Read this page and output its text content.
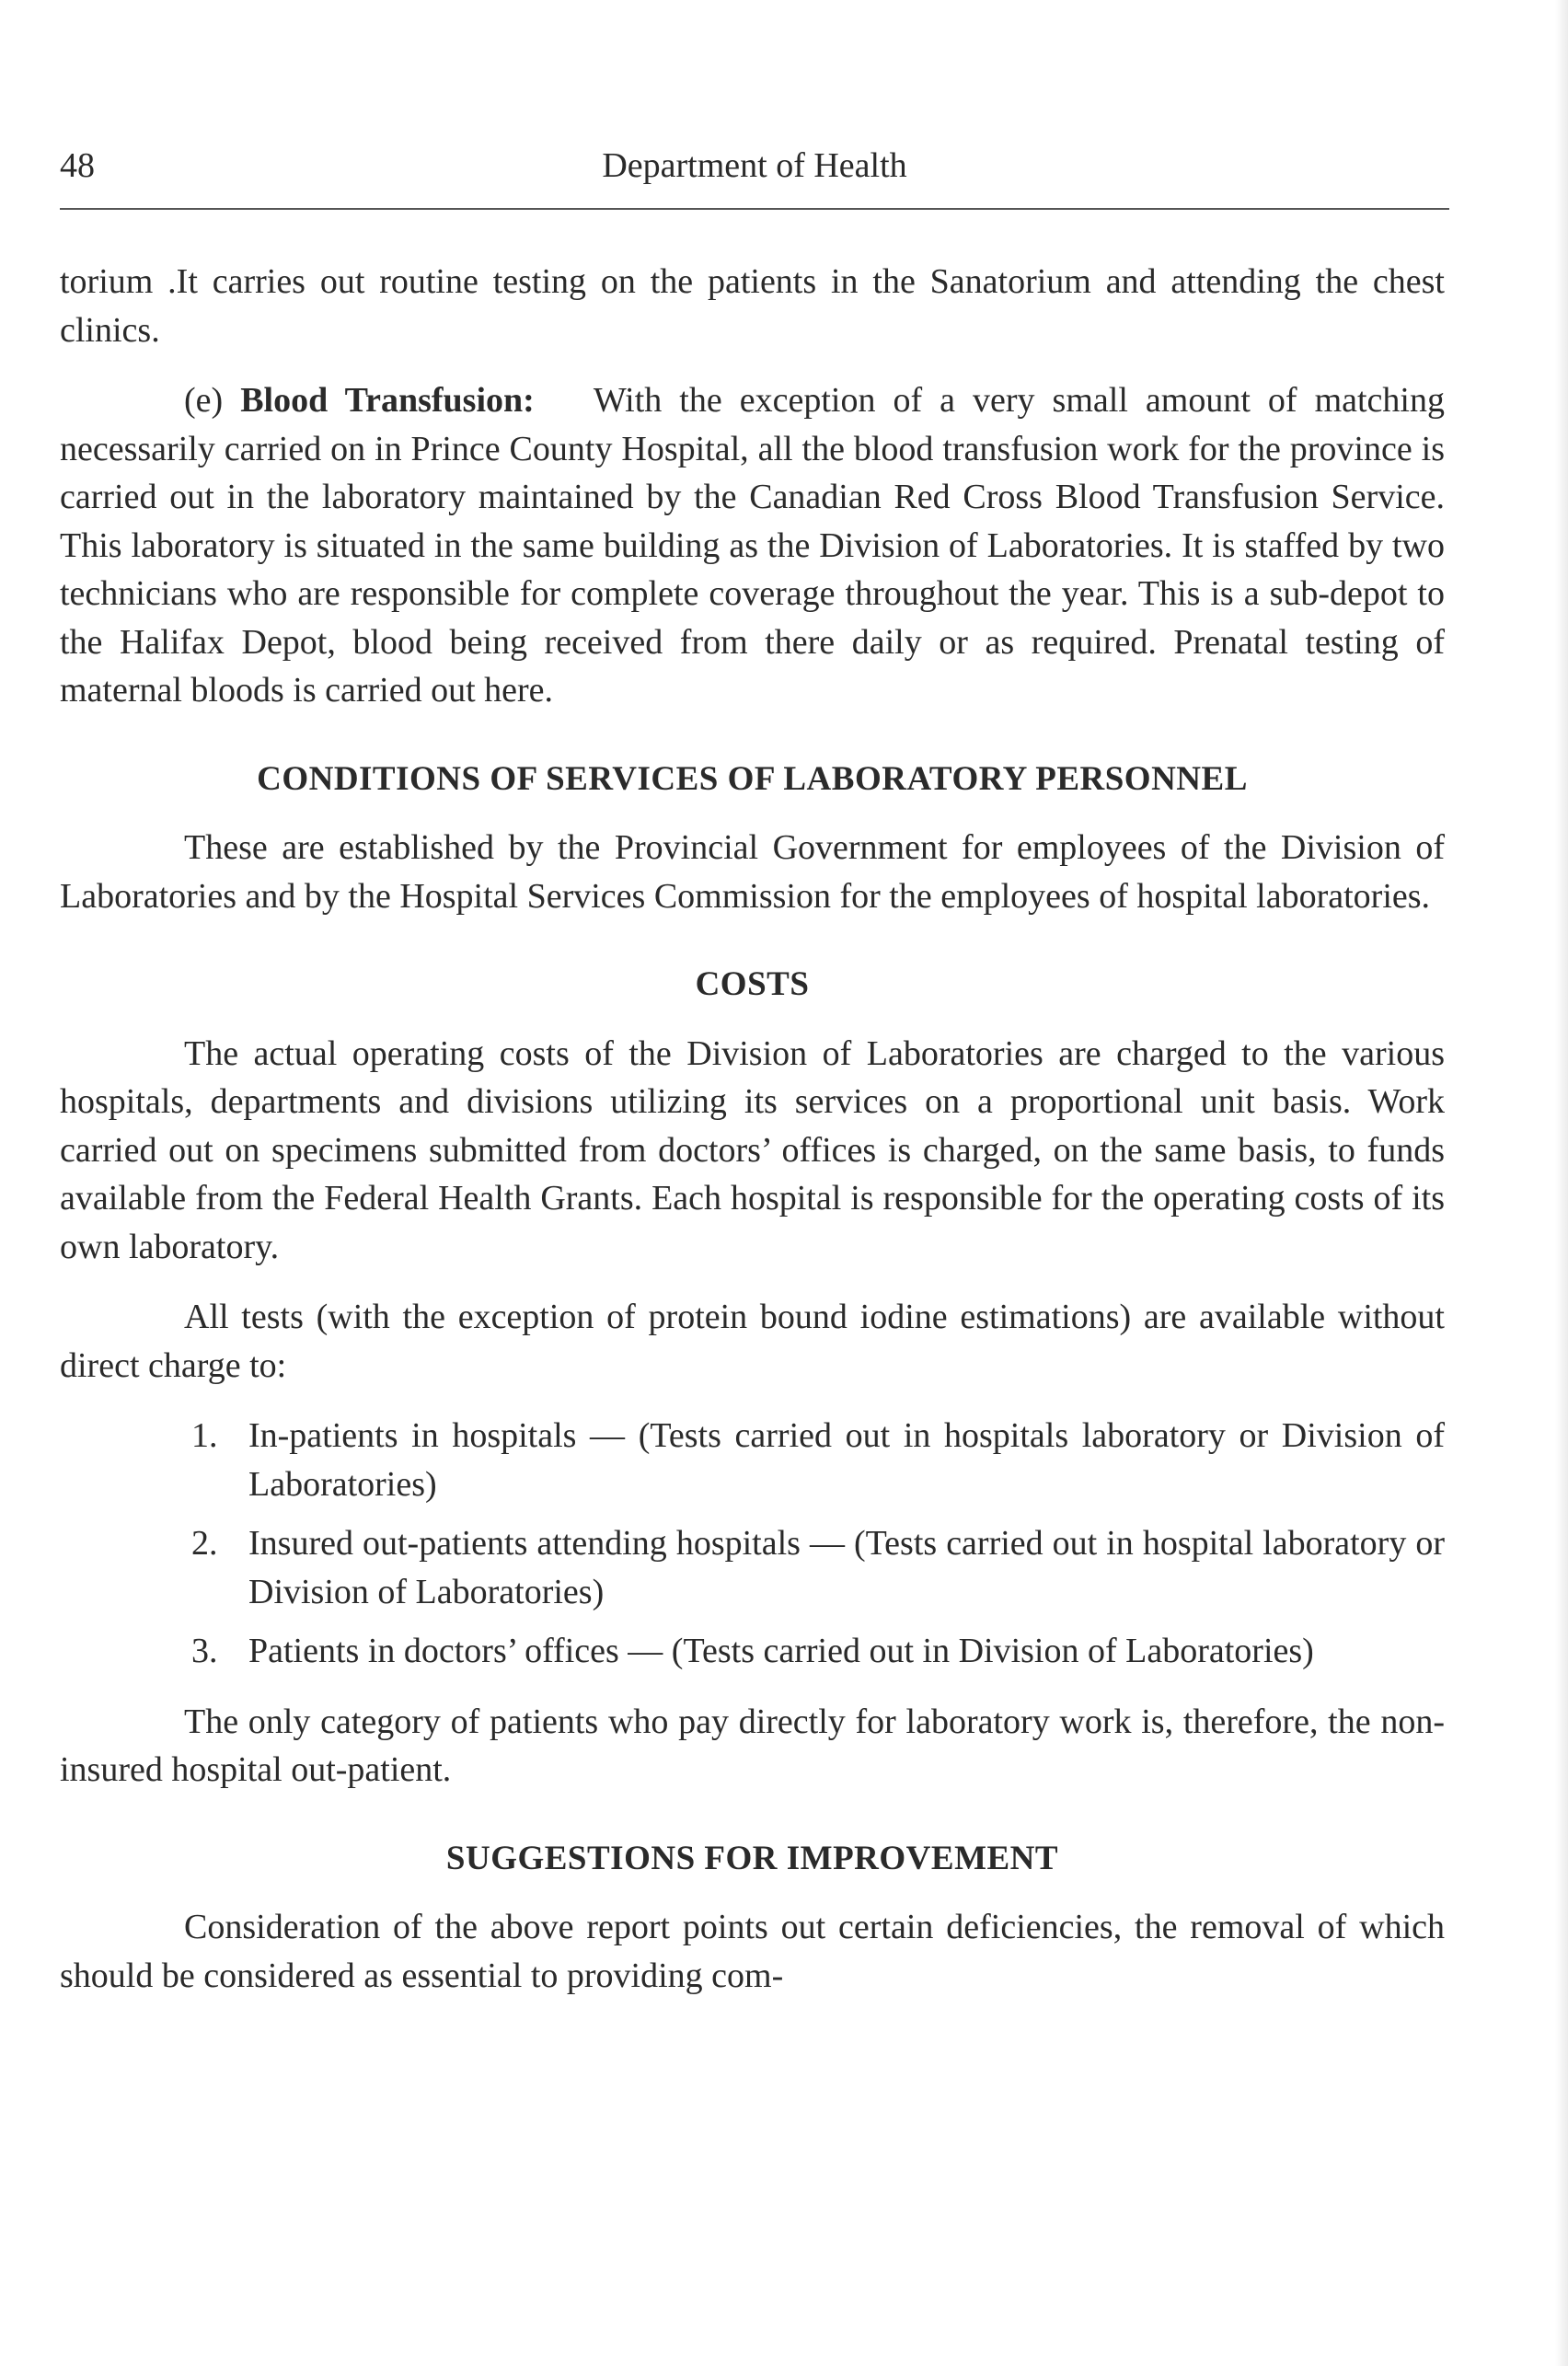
48	Department of Health

torium .It carries out routine testing on the patients in the Sanatorium and attending the chest clinics.

(e) Blood Transfusion: With the exception of a very small amount of matching necessarily carried on in Prince County Hospital, all the blood transfusion work for the province is carried out in the laboratory maintained by the Canadian Red Cross Blood Transfusion Service. This laboratory is situated in the same building as the Division of Laboratories. It is staffed by two technicians who are responsible for complete coverage throughout the year. This is a sub-depot to the Halifax Depot, blood being received from there daily or as required. Prenatal testing of maternal bloods is carried out here.

CONDITIONS OF SERVICES OF LABORATORY PERSONNEL

These are established by the Provincial Government for employees of the Division of Laboratories and by the Hospital Services Commission for the employees of hospital laboratories.

COSTS

The actual operating costs of the Division of Laboratories are charged to the various hospitals, departments and divisions utilizing its services on a proportional unit basis. Work carried out on specimens submitted from doctors’ offices is charged, on the same basis, to funds available from the Federal Health Grants. Each hospital is responsible for the operating costs of its own laboratory.

All tests (with the exception of protein bound iodine estimations) are available without direct charge to:

1. In-patients in hospitals — (Tests carried out in hospitals laboratory or Division of Laboratories)
2. Insured out-patients attending hospitals — (Tests carried out in hospital laboratory or Division of Laboratories)
3. Patients in doctors’ offices — (Tests carried out in Division of Laboratories)

The only category of patients who pay directly for laboratory work is, therefore, the non-insured hospital out-patient.

SUGGESTIONS FOR IMPROVEMENT

Consideration of the above report points out certain deficiencies, the removal of which should be considered as essential to providing com-
